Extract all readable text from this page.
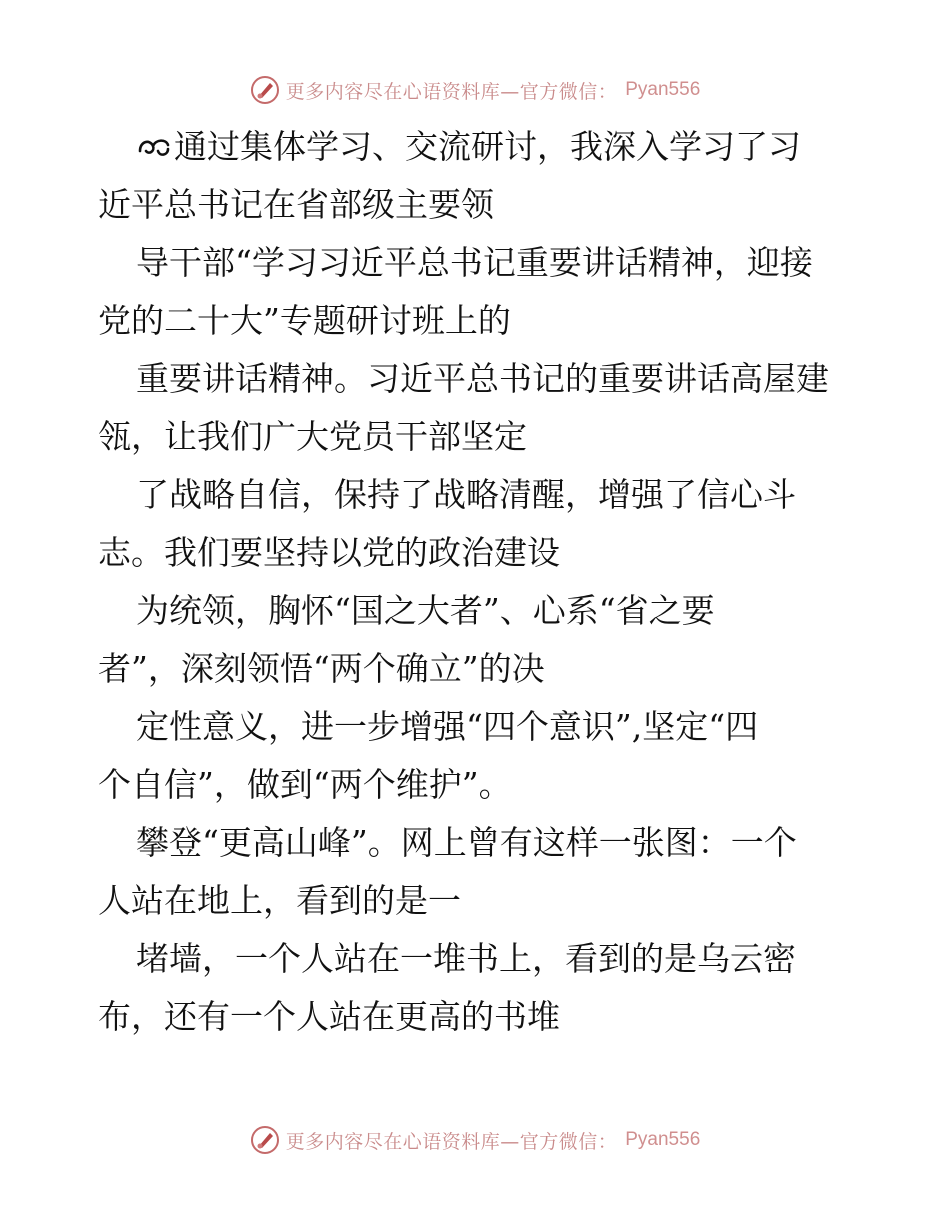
更多内容尽在心语资料库—官方微信： Pyan556
通过集体学习、交流研讨，我深入学习了习
近平总书记在省部级主要领
导干部“学习习近平总书记重要讲话精神，迎接
党的二十大”专题研讨班上的
重要讲话精神。习近平总书记的重要讲话高屋建
瓴，让我们广大党员干部坚定
了战略自信，保持了战略清醒，增强了信心斗
志。我们要坚持以党的政治建设
为统领，胸怀“国之大者”、心系“省之要
者”，深刻领悟“两个确立”的决
定性意义，进一步增强“四个意识”,坚定“四
个自信”，做到“两个维护”。
攀登“更高山峰”。网上曾有这样一张图：一个
人站在地上，看到的是一
堵墙，一个人站在一堆书上，看到的是乌云密
布，还有一个人站在更高的书堆
更多内容尽在心语资料库—官方微信： Pyan556
